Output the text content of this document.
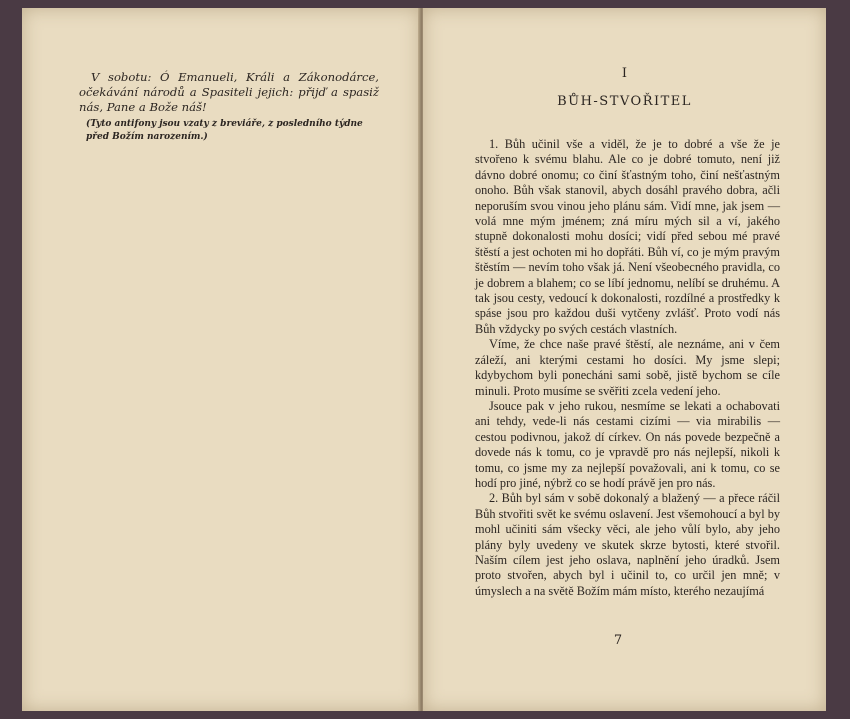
V sobotu: Ó Emanueli, Králi a Zákonodárce, očekávání národů a Spasiteli jejich: přijď a spasiž nás, Pane a Bože náš!
(Tyto antifony jsou vzaty z breviáře, z posledního týdne před Božím narozením.)
I
BŮH-STVOŘITEL

1. Bůh učinil vše a viděl, že je to dobré a vše že je stvořeno k svému blahu. Ale co je dobré tomuto, není již dávno dobré onomu; co činí šťastným toho, činí nešťastným onoho. Bůh však stanovil, abych dosáhl pravého dobra, ačli neporuším svou vinou jeho plánu sám. Vidí mne, jak jsem — volá mne mým jménem; zná míru mých sil a ví, jakého stupně dokonalosti mohu dosíci; vidí před sebou mé pravé štěstí a jest ochoten mi ho dopřáti. Bůh ví, co je mým pravým štěstím — nevím toho však já. Není všeobecného pravidla, co je dobrem a blahem; co se líbí jednomu, nelíbí se druhému. A tak jsou cesty, vedoucí k dokonalosti, rozdílné a prostředky k spáse jsou pro každou duši vytčeny zvlášť. Proto vodí nás Bůh vždycky po svých cestách vlastních.

Víme, že chce naše pravé štěstí, ale neznáme, ani v čem záleží, ani kterými cestami ho dosíci. My jsme slepi; kdybychom byli ponecháni sami sobě, jistě bychom se cíle minuli. Proto musíme se svěřiti zcela vedení jeho.

Jsouce pak v jeho rukou, nesmíme se lekati a ochabovati ani tehdy, vede-li nás cestami cizími — via mirabilis — cestou podivnou, jakož dí církev. On nás povede bezpečně a dovede nás k tomu, co je vpravdě pro nás nejlepší, nikoli k tomu, co jsme my za nejlepší považovali, ani k tomu, co se hodí pro jiné, nýbrž co se hodí právě jen pro nás.

2. Bůh byl sám v sobě dokonalý a blažený — a přece ráčil Bůh stvořiti svět ke svému oslavení. Jest všemohoucí a byl by mohl učiniti sám všecky věci, ale jeho vůlí bylo, aby jeho plány byly uvedeny ve skutek skrze bytosti, které stvořil. Naším cílem jest jeho oslava, naplnění jeho úradků. Jsem proto stvořen, abych byl i učinil to, co určil jen mně; v úmyslech a na světě Božím mám místo, kterého nezaujímá

7
